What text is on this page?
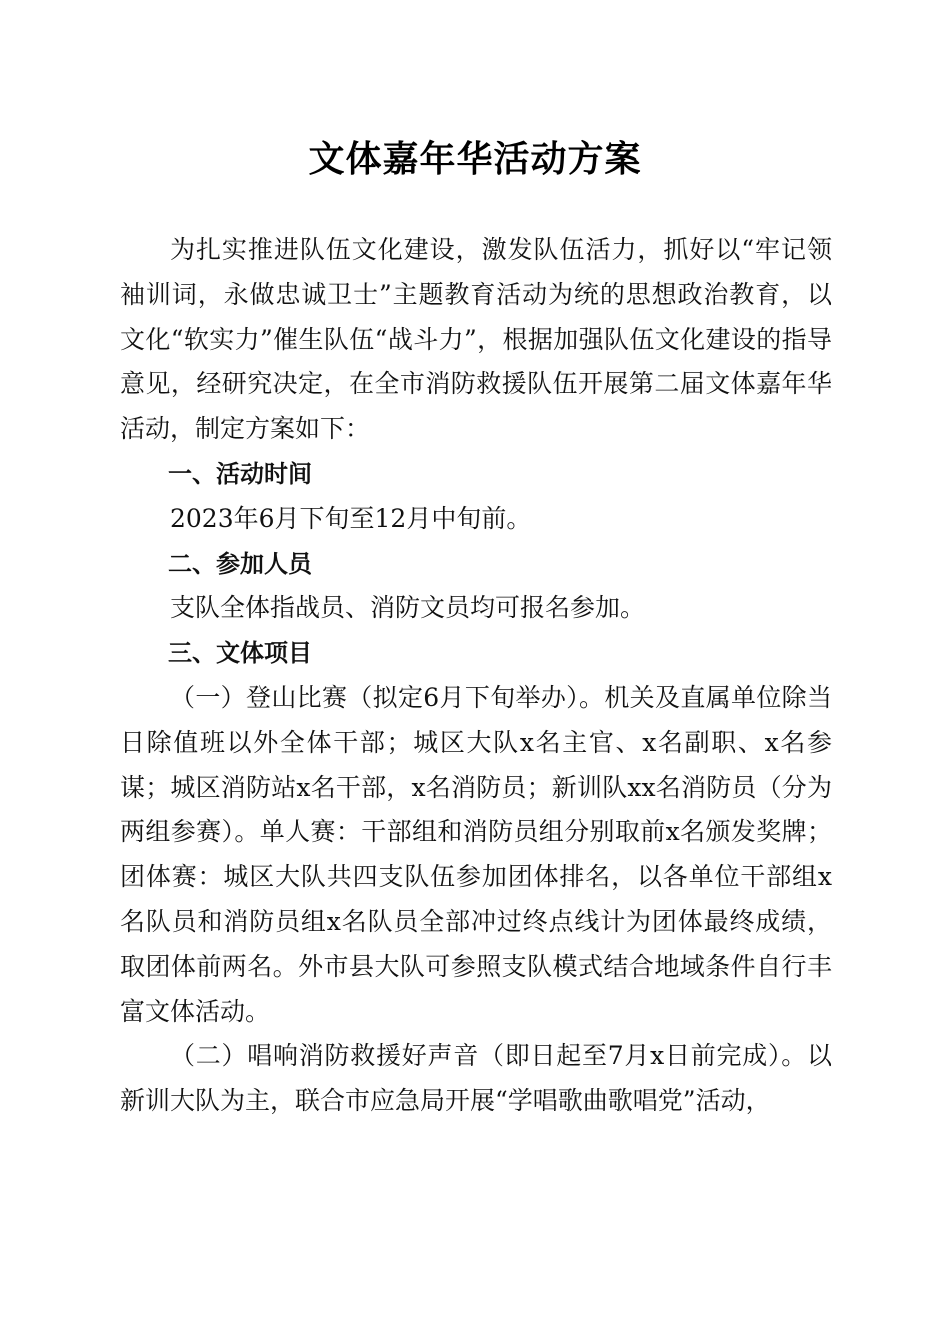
文体嘉年华活动方案

为扎实推进队伍文化建设，激发队伍活力，抓好以“牢记领袖训词，永做忠诚卫士”主题教育活动为统的思想政治教育，以文化“软实力”催生队伍“战斗力”，根据加强队伍文化建设的指导意见，经研究决定，在全市消防救援队伍开展第二届文体嘉年华活动，制定方案如下：

一、活动时间

2023年6月下旬至12月中旬前。

二、参加人员

支队全体指战员、消防文员均可报名参加。

三、文体项目

（一）登山比赛（拟定6月下旬举办）。机关及直属单位除当日除值班以外全体干部；城区大队x名主官、x名副职、x名参谋；城区消防站x名干部，x名消防员；新训队xx名消防员（分为两组参赛）。单人赛：干部组和消防员组分别取前x名颁发奖牌；团体赛：城区大队共四支队伍参加团体排名，以各单位干部组x名队员和消防员组x名队员全部冲过终点线计为团体最终成绩，取团体前两名。外市县大队可参照支队模式结合地域条件自行丰富文体活动。

（二）唱响消防救援好声音（即日起至7月x日前完成）。以新训大队为主，联合市应急局开展“学唱歌曲歌唱党”活动，
